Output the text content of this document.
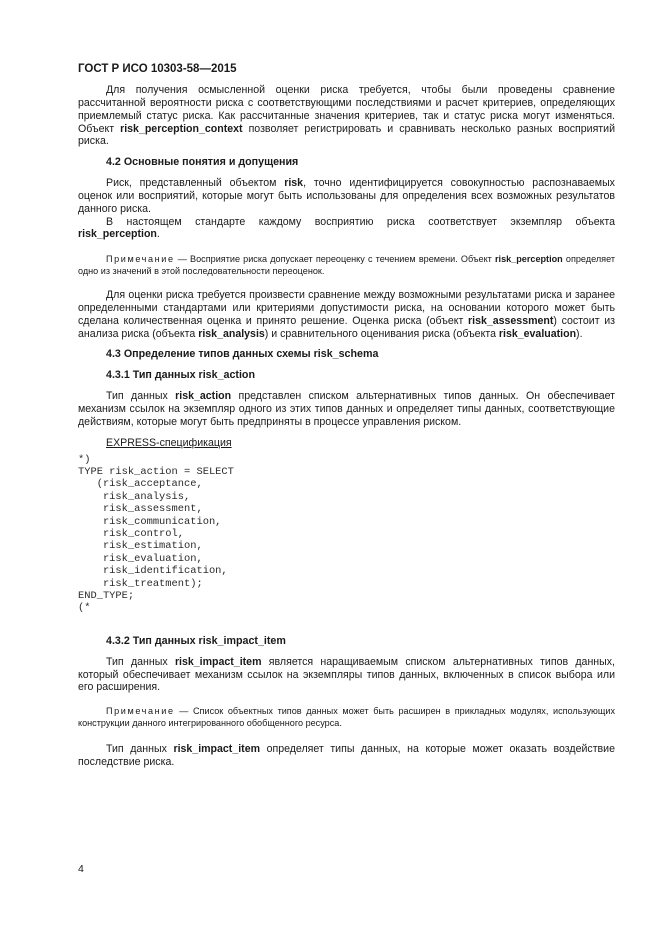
ГОСТ Р ИСО 10303-58—2015

Для получения осмысленной оценки риска требуется, чтобы были проведены сравнение рассчитанной вероятности риска с соответствующими последствиями и расчет критериев, определяющих приемлемый статус риска. Как рассчитанные значения критериев, так и статус риска могут изменяться. Объект risk_perception_context позволяет регистрировать и сравнивать несколько разных восприятий риска.

4.2 Основные понятия и допущения

Риск, представленный объектом risk, точно идентифицируется совокупностью распознаваемых оценок или восприятий, которые могут быть использованы для определения всех возможных результатов данного риска.

В настоящем стандарте каждому восприятию риска соответствует экземпляр объекта risk_perception.

Примечание — Восприятие риска допускает переоценку с течением времени. Объект risk_perception определяет одно из значений в этой последовательности переоценок.

Для оценки риска требуется произвести сравнение между возможными результатами риска и заранее определенными стандартами или критериями допустимости риска, на основании которого может быть сделана количественная оценка и принято решение. Оценка риска (объект risk_assessment) состоит из анализа риска (объекта risk_analysis) и сравнительного оценивания риска (объекта risk_evaluation).

4.3 Определение типов данных схемы risk_schema

4.3.1 Тип данных risk_action

Тип данных risk_action представлен списком альтернативных типов данных. Он обеспечивает механизм ссылок на экземпляр одного из этих типов данных и определяет типы данных, соответствующие действиям, которые могут быть предприняты в процессе управления риском.

EXPRESS-спецификация

*)
TYPE risk_action = SELECT
(risk_acceptance,
risk_analysis,
risk_assessment,
risk_communication,
risk_control,
risk_estimation,
risk_evaluation,
risk_identification,
risk_treatment);
END_TYPE;
(*

4.3.2 Тип данных risk_impact_item

Тип данных risk_impact_item является наращиваемым списком альтернативных типов данных, который обеспечивает механизм ссылок на экземпляры типов данных, включенных в список выбора или его расширения.

Примечание — Список объектных типов данных может быть расширен в прикладных модулях, использующих конструкции данного интегрированного обобщенного ресурса.

Тип данных risk_impact_item определяет типы данных, на которые может оказать воздействие последствие риска.

4
